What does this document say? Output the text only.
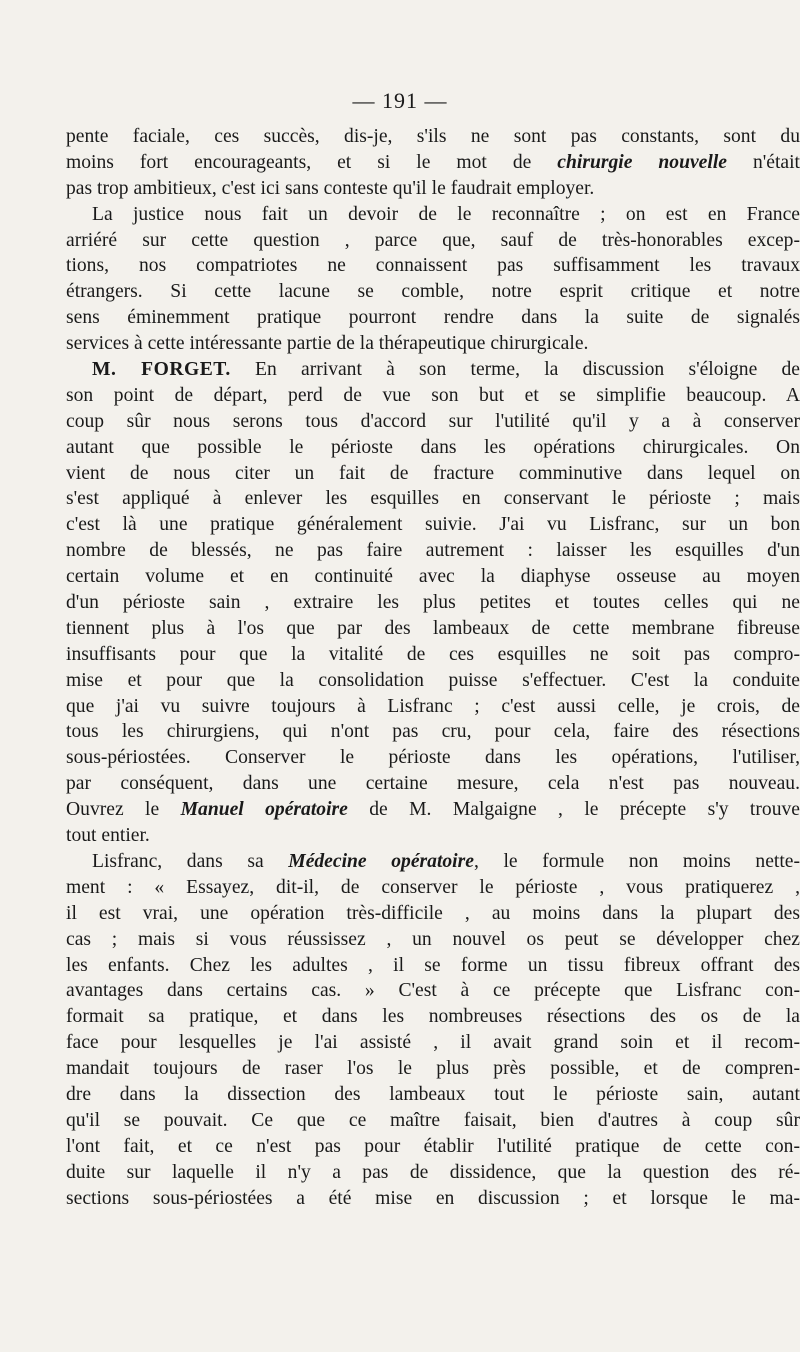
— 191 —
pente faciale, ces succès, dis-je, s'ils ne sont pas constants, sont du
moins fort encourageants, et si le mot de chirurgie nouvelle n'était
pas trop ambitieux, c'est ici sans conteste qu'il le faudrait employer.
La justice nous fait un devoir de le reconnaître ; on est en France
arriéré sur cette question , parce que, sauf de très-honorables excep-
tions, nos compatriotes ne connaissent pas suffisamment les travaux
étrangers. Si cette lacune se comble, notre esprit critique et notre
sens éminemment pratique pourront rendre dans la suite de signalés
services à cette intéressante partie de la thérapeutique chirurgicale.
M. FORGET. En arrivant à son terme, la discussion s'éloigne de
son point de départ, perd de vue son but et se simplifie beaucoup. A
coup sûr nous serons tous d'accord sur l'utilité qu'il y a à conserver
autant que possible le périoste dans les opérations chirurgicales. On
vient de nous citer un fait de fracture comminutive dans lequel on
s'est appliqué à enlever les esquilles en conservant le périoste ; mais
c'est là une pratique généralement suivie. J'ai vu Lisfranc, sur un bon
nombre de blessés, ne pas faire autrement : laisser les esquilles d'un
certain volume et en continuité avec la diaphyse osseuse au moyen
d'un périoste sain , extraire les plus petites et toutes celles qui ne
tiennent plus à l'os que par des lambeaux de cette membrane fibreuse
insuffisants pour que la vitalité de ces esquilles ne soit pas compro-
mise et pour que la consolidation puisse s'effectuer. C'est la conduite
que j'ai vu suivre toujours à Lisfranc ; c'est aussi celle, je crois, de
tous les chirurgiens, qui n'ont pas cru, pour cela, faire des résections
sous-périostées. Conserver le périoste dans les opérations, l'utiliser,
par conséquent, dans une certaine mesure, cela n'est pas nouveau.
Ouvrez le Manuel opératoire de M. Malgaigne , le précepte s'y trouve
tout entier.
Lisfranc, dans sa Médecine opératoire, le formule non moins nette-
ment : « Essayez, dit-il, de conserver le périoste , vous pratiquerez ,
il est vrai, une opération très-difficile , au moins dans la plupart des
cas ; mais si vous réussissez , un nouvel os peut se développer chez
les enfants. Chez les adultes , il se forme un tissu fibreux offrant des
avantages dans certains cas. » C'est à ce précepte que Lisfranc con-
formait sa pratique, et dans les nombreuses résections des os de la
face pour lesquelles je l'ai assisté , il avait grand soin et il recom-
mandait toujours de raser l'os le plus près possible, et de compren-
dre dans la dissection des lambeaux tout le périoste sain, autant
qu'il se pouvait. Ce que ce maître faisait, bien d'autres à coup sûr
l'ont fait, et ce n'est pas pour établir l'utilité pratique de cette con-
duite sur laquelle il n'y a pas de dissidence, que la question des ré-
sections sous-périostées a été mise en discussion ; et lorsque le ma-
